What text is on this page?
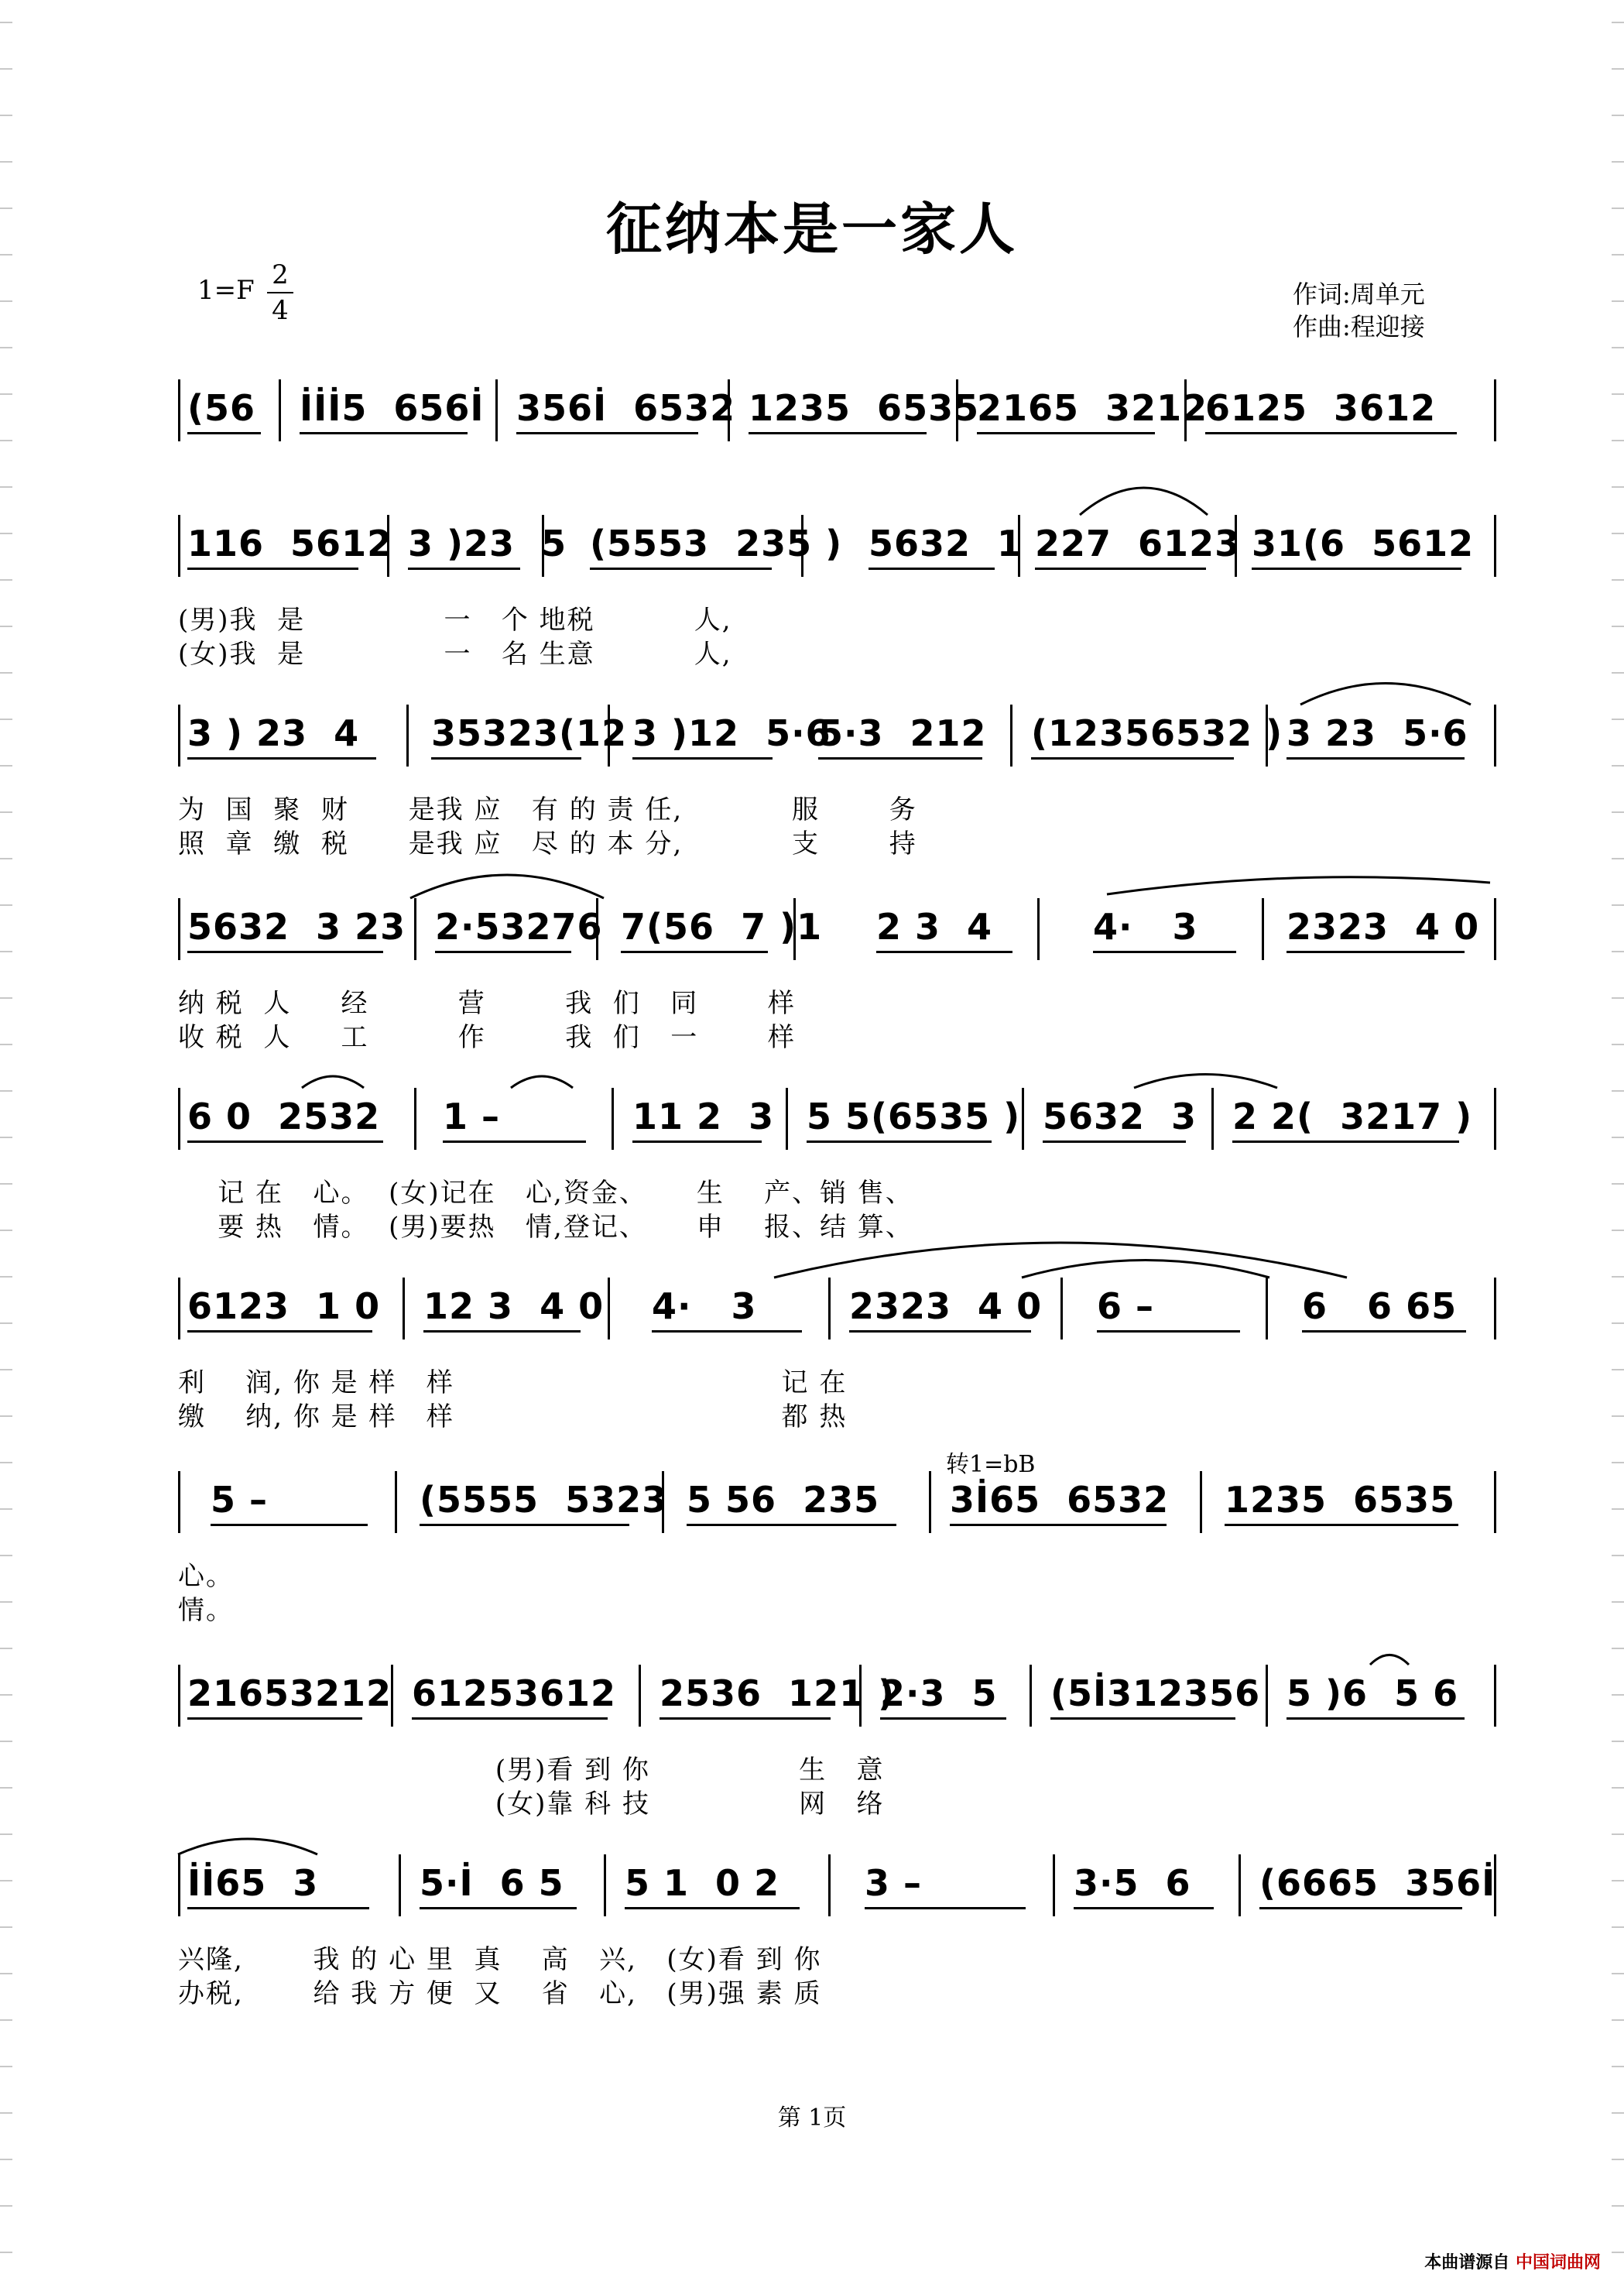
征纳本是一家人
1=F 2
4
作词:周单元
作曲:程迎接
(56 İİİ5  656İ 356İ  6532 1235  6535
2165  3212
6125  3612
116  5612 3 )23  5 (5553  235 ) 5632  1 227  6123 31(6  5612
(男)我  是              一   个 地税          人,
(女)我  是              一   名 生意          人,
3 ) 23  4 35323(12 3 )12  5·6
5·3  212 (12356532 ) 3 23  5·6
为  国  聚  财      是我 应   有 的 责 任,           服       务
照  章  缴  税      是我 应   尽 的 本 分,           支       持
5632  3 23 2·53276 7(56  7 )1 2 3  4	4·   3 2323  4 0
纳 税  人     经         营        我  们   同       样
收 税  人     工         作        我  们   一       样
6 0  2532 1 –	11 2  3 5 5(6535 ) 5632  3 2 2(  3217 )
记 在   心。  (女)记在   心,资金、     生    产、销 售、
要 热   情。  (男)要热   情,登记、     申    报、结 算、
6123  1 0 12 3  4 0 4·   3	2323  4 0 6 –	6   6 65
利    润, 你 是 样   样                                 记 在
缴    纳, 你 是 样   样                                 都 热
5 –	(5555  5323 5 56  235 3İ65  6532 1235  6535
心。
情。
21653212 61253612 2536  121 )
2·3  5 (5İ312356 5 )6  5 6
(男)看 到 你               生   意
(女)靠 科 技               网   络
İİ65  3	5·İ  6 5 5 1  0 2 3 –	3·5  6 (6665  356İ
兴隆,       我 的 心 里  真    高   兴,   (女)看 到 你
办税,       给 我 方 便  又    省   心,   (男)强 素 质
转1=bB
第 1页
本曲谱源自 中国词曲网
